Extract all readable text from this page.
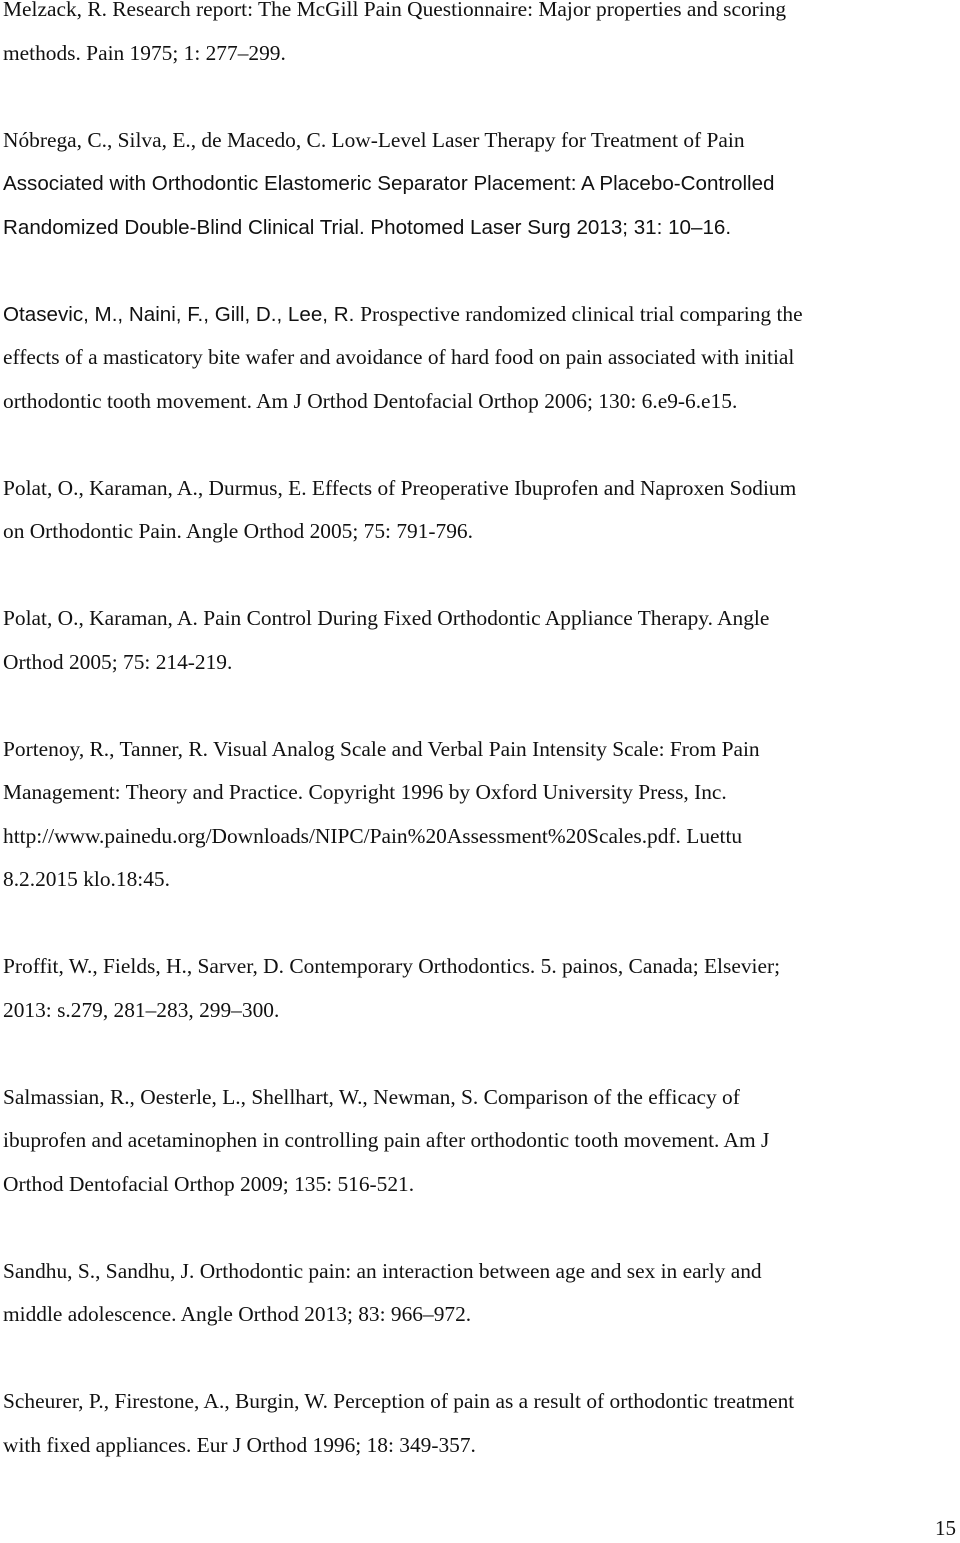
Melzack, R. Research report: The McGill Pain Questionnaire: Major properties and scoring
methods. Pain 1975; 1: 277–299.
Nóbrega, C., Silva, E., de Macedo, C. Low-Level Laser Therapy for Treatment of Pain
Associated with Orthodontic Elastomeric Separator Placement: A Placebo-Controlled
Randomized Double-Blind Clinical Trial. Photomed Laser Surg 2013; 31: 10–16.
Otasevic, M., Naini, F., Gill, D., Lee, R. Prospective randomized clinical trial comparing the
effects of a masticatory bite wafer and avoidance of hard food on pain associated with initial
orthodontic tooth movement. Am J Orthod Dentofacial Orthop 2006; 130: 6.e9-6.e15.
Polat, O., Karaman, A., Durmus, E. Effects of Preoperative Ibuprofen and Naproxen Sodium
on Orthodontic Pain. Angle Orthod 2005; 75: 791-796.
Polat, O., Karaman, A. Pain Control During Fixed Orthodontic Appliance Therapy. Angle
Orthod 2005; 75: 214-219.
Portenoy, R., Tanner, R. Visual Analog Scale and Verbal Pain Intensity Scale: From Pain
Management: Theory and Practice. Copyright 1996 by Oxford University Press, Inc.
http://www.painedu.org/Downloads/NIPC/Pain%20Assessment%20Scales.pdf. Luettu
8.2.2015 klo.18:45.
Proffit, W., Fields, H., Sarver, D. Contemporary Orthodontics. 5. painos, Canada; Elsevier;
2013: s.279, 281–283, 299–300.
Salmassian, R., Oesterle, L., Shellhart, W., Newman, S. Comparison of the efficacy of
ibuprofen and acetaminophen in controlling pain after orthodontic tooth movement. Am J
Orthod Dentofacial Orthop 2009; 135: 516-521.
Sandhu, S., Sandhu, J. Orthodontic pain: an interaction between age and sex in early and
middle adolescence. Angle Orthod 2013; 83: 966–972.
Scheurer, P., Firestone, A., Burgin, W. Perception of pain as a result of orthodontic treatment
with fixed appliances. Eur J Orthod 1996; 18: 349-357.
15
